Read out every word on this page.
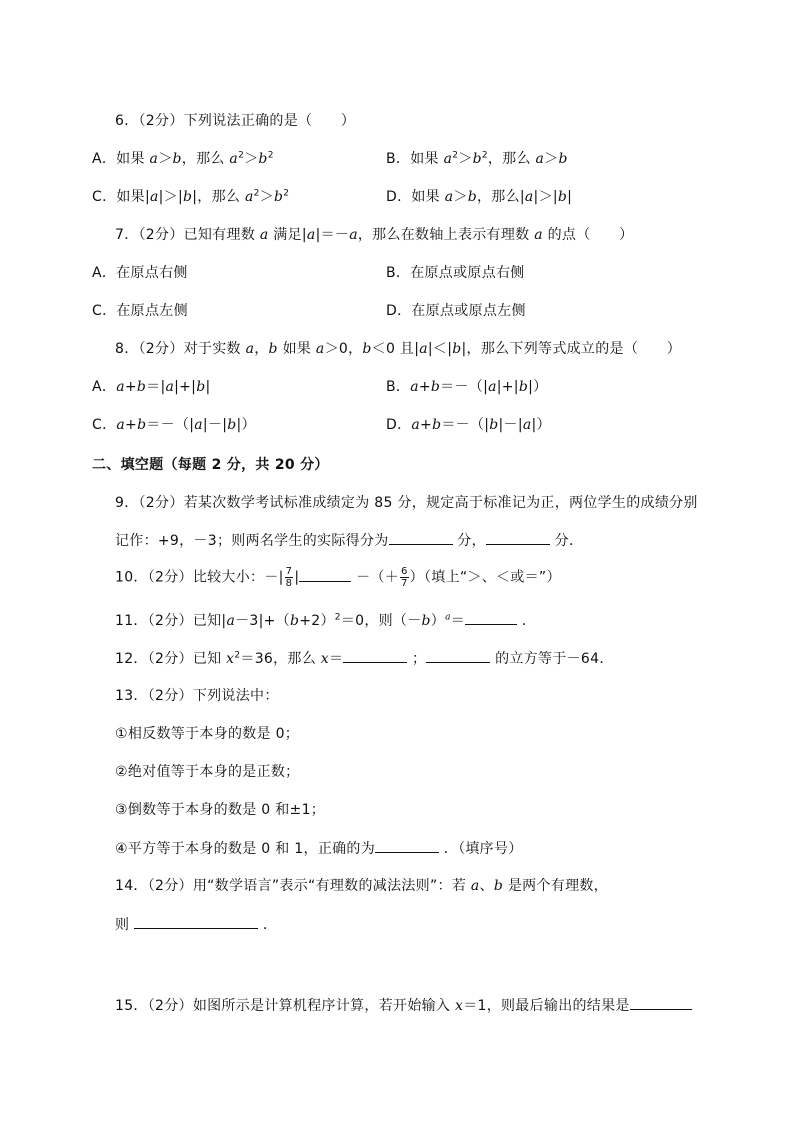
6．（2分）下列说法正确的是（　　）
A．如果 a＞b，那么 $a^2>b^2$	B．如果 $a^2>b^2$，那么 a＞b
C．如果|a|＞|b|，那么 $a^2>b^2$	D．如果 a＞b，那么|a|＞|b|
7．（2分）已知有理数 a 满足|a|＝－a，那么在数轴上表示有理数 a 的点（　　）
A．在原点右侧	B．在原点或原点右侧
C．在原点左侧	D．在原点或原点左侧
8．（2分）对于实数 a，b 如果 a＞0，b＜0 且|a|＜|b|，那么下列等式成立的是（　　）
A．a+b＝|a|+|b|	B．a+b＝－（|a|+|b|）
C．a+b＝－（|a|－|b|）	D．a+b＝－（|b|－|a|）
二、填空题（每题 2 分，共 20 分）
9．（2分）若某次数学考试标准成绩定为 85 分，规定高于标准记为正，两位学生的成绩分别
记作：+9，－3；则两名学生的实际得分为	分，	分．
10．（2分）比较大小：－| $\frac{7}{8}$ |	－（＋ $\frac{6}{7}$ ）（填上“＞、＜或＝”）
11．（2分）已知$|a-3|+(b+2)^2=0$，则$(-b)^a=$	．
12．（2分）已知 $x^2=36$，那么 x＝	；	的立方等于－64．
13．（2分）下列说法中：
①相反数等于本身的数是 0；
②绝对值等于本身的是正数；
③倒数等于本身的数是 0 和±1；
④平方等于本身的数是 0 和 1，正确的为	．（填序号）
14．（2分）用“数学语言”表示“有理数的减法法则”：若 a、b 是两个有理数，
则	．
15．（2分）如图所示是计算机程序计算，若开始输入 x＝1，则最后输出的结果是
